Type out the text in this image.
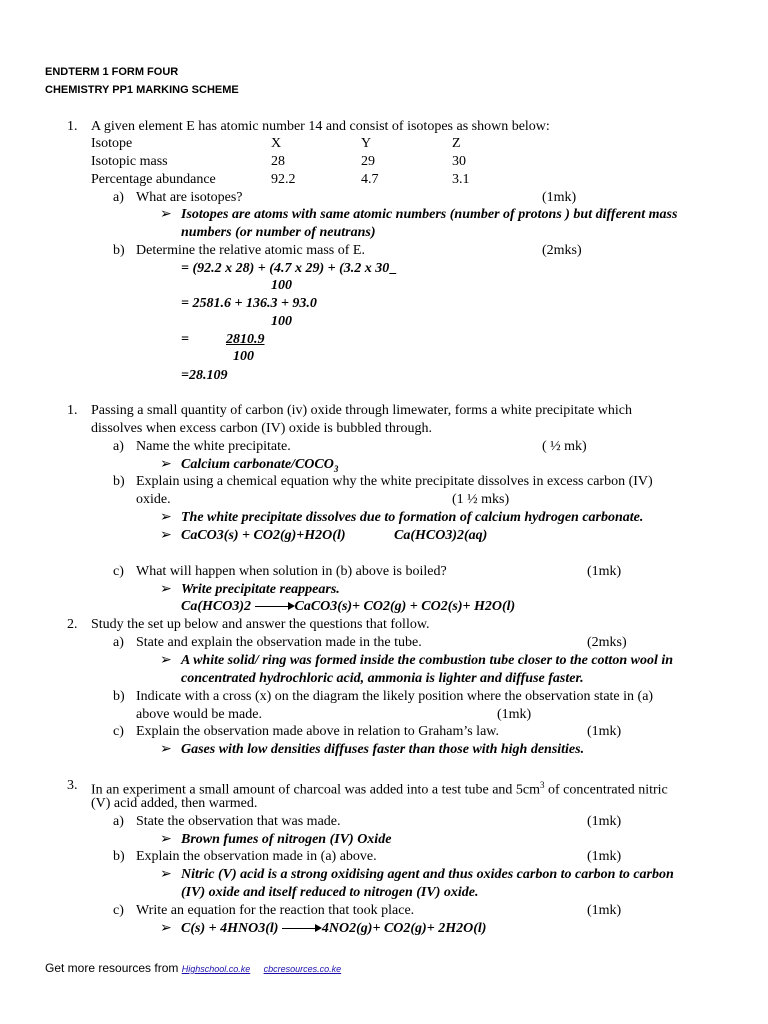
ENDTERM 1 FORM FOUR
CHEMISTRY PP1 MARKING SCHEME
1. A given element E has atomic number 14 and consist of isotopes as shown below:
Isotope	X	Y	Z
Isotopic mass	28	29	30
Percentage abundance	92.2	4.7	3.1
a) What are isotopes?	(1mk)
➢ Isotopes are atoms with same atomic numbers (number of protons ) but different mass
numbers (or number of neutrans)
b) Determine the relative atomic mass of E.	(2mks)
= (92.2 x 28) + (4.7 x 29) + (3.2 x 30
100
= 2581.6 + 136.3 + 93.0
100
=	2810.9
100
=28.109
1. Passing a small quantity of carbon (iv) oxide through limewater, forms a white precipitate which
dissolves when excess carbon (IV) oxide is bubbled through.
a) Name the white precipitate.	( ½ mk)
➢ Calcium carbonate/$COCO_3$
b) Explain using a chemical equation why the white precipitate dissolves in excess carbon (IV)
oxide.	(1 ½ mks)
➢ The white precipitate dissolves due to formation of calcium hydrogen carbonate.
➢ CaCO3(s) + CO2(g)+H2O(l)	Ca(HCO3)2(aq)
c) What will happen when solution in (b) above is boiled?	(1mk)
➢ Write precipitate reappears.
Ca(HCO3)2	CaCO3(s)+ CO2(g) + CO2(s)+ H2O(l)
2. Study the set up below and answer the questions that follow.
a) State and explain the observation made in the tube.	(2mks)
➢ A white solid/ ring was formed inside the combustion tube closer to the cotton wool in
concentrated hydrochloric acid, ammonia is lighter and diffuse faster.
b) Indicate with a cross (x) on the diagram the likely position where the observation state in (a)
above would be made.	(1mk)
c) Explain the observation made above in relation to Graham’s law.	(1mk)
➢ Gases with low densities diffuses faster than those with high densities.
3. In an experiment a small amount of charcoal was added into a test tube and $5cm^3$ of concentrated nitric
(V) acid added, then warmed.
a) State the observation that was made.	(1mk)
➢ Brown fumes of nitrogen (IV) Oxide
b) Explain the observation made in (a) above.	(1mk)
➢ Nitric (V) acid is a strong oxidising agent and thus oxides carbon to carbon to carbon
(IV) oxide and itself reduced to nitrogen (IV) oxide.
c) Write an equation for the reaction that took place.	(1mk)
➢ C(s) + 4HNO3(l)	4NO2(g)+ CO2(g)+ 2H2O(l)
Get more resources from Highschool.co.ke cbcresources.co.ke
